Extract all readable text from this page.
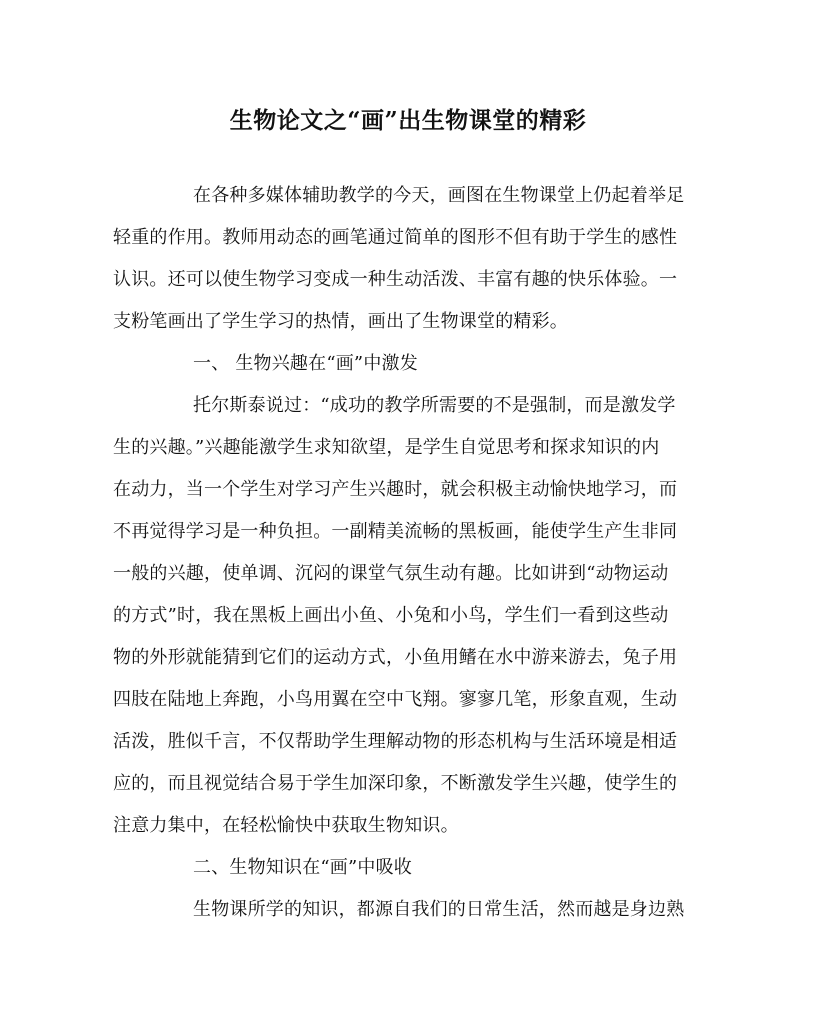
生物论文之“画”出生物课堂的精彩
在各种多媒体辅助教学的今天，画图在生物课堂上仍起着举足
轻重的作用。教师用动态的画笔通过简单的图形不但有助于学生的感性
认识。还可以使生物学习变成一种生动活泼、丰富有趣的快乐体验。一
支粉笔画出了学生学习的热情，画出了生物课堂的精彩。
一、 生物兴趣在“画”中激发
托尔斯泰说过：“成功的教学所需要的不是强制，而是激发学
生的兴趣。”兴趣能激学生求知欲望，是学生自觉思考和探求知识的内
在动力，当一个学生对学习产生兴趣时，就会积极主动愉快地学习，而
不再觉得学习是一种负担。一副精美流畅的黑板画，能使学生产生非同
一般的兴趣，使单调、沉闷的课堂气氛生动有趣。比如讲到“动物运动
的方式”时，我在黑板上画出小鱼、小兔和小鸟，学生们一看到这些动
物的外形就能猜到它们的运动方式，小鱼用鳍在水中游来游去，兔子用
四肢在陆地上奔跑，小鸟用翼在空中飞翔。寥寥几笔，形象直观，生动
活泼，胜似千言，不仅帮助学生理解动物的形态机构与生活环境是相适
应的，而且视觉结合易于学生加深印象，不断激发学生兴趣，使学生的
注意力集中，在轻松愉快中获取生物知识。
二、生物知识在“画”中吸收
生物课所学的知识，都源自我们的日常生活，然而越是身边熟
